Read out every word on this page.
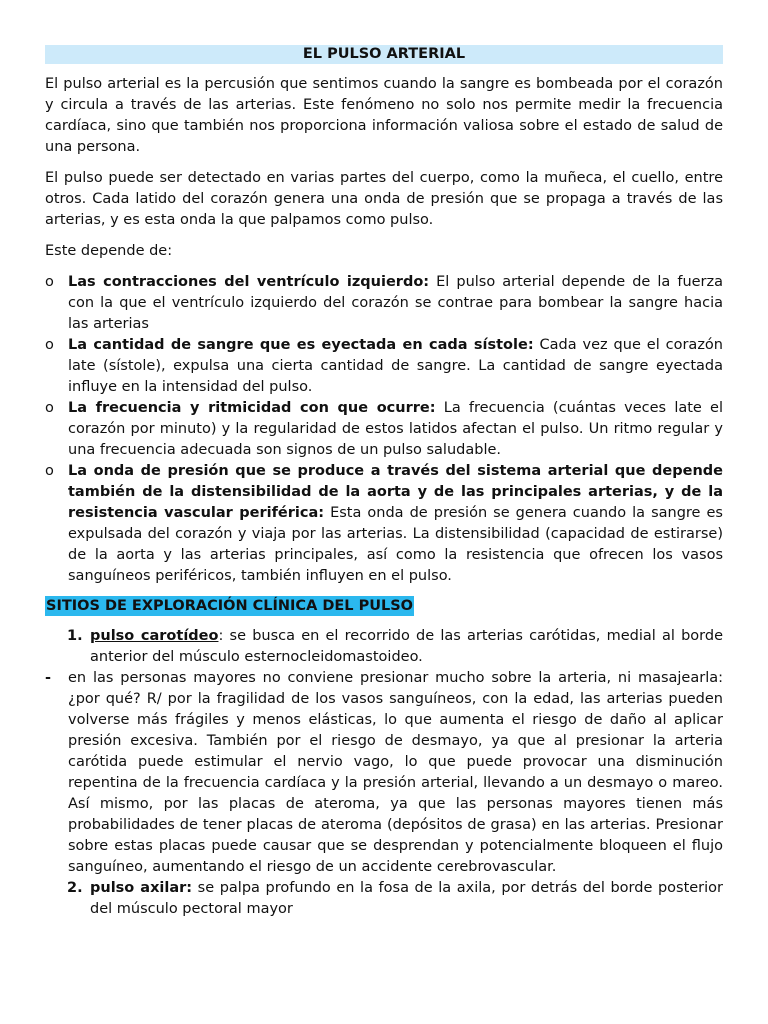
EL PULSO ARTERIAL

El pulso arterial es la percusión que sentimos cuando la sangre es bombeada por el corazón y circula a través de las arterias. Este fenómeno no solo nos permite medir la frecuencia cardíaca, sino que también nos proporciona información valiosa sobre el estado de salud de una persona.

El pulso puede ser detectado en varias partes del cuerpo, como la muñeca, el cuello, entre otros. Cada latido del corazón genera una onda de presión que se propaga a través de las arterias, y es esta onda la que palpamos como pulso.

Este depende de:

o Las contracciones del ventrículo izquierdo: El pulso arterial depende de la fuerza con la que el ventrículo izquierdo del corazón se contrae para bombear la sangre hacia las arterias
o La cantidad de sangre que es eyectada en cada sístole: Cada vez que el corazón late (sístole), expulsa una cierta cantidad de sangre. La cantidad de sangre eyectada influye en la intensidad del pulso.
o La frecuencia y ritmicidad con que ocurre: La frecuencia (cuántas veces late el corazón por minuto) y la regularidad de estos latidos afectan el pulso. Un ritmo regular y una frecuencia adecuada son signos de un pulso saludable.
o La onda de presión que se produce a través del sistema arterial que depende también de la distensibilidad de la aorta y de las principales arterias, y de la resistencia vascular periférica: Esta onda de presión se genera cuando la sangre es expulsada del corazón y viaja por las arterias. La distensibilidad (capacidad de estirarse) de la aorta y las arterias principales, así como la resistencia que ofrecen los vasos sanguíneos periféricos, también influyen en el pulso.
SITIOS DE EXPLORACIÓN CLÍNICA DEL PULSO
1. pulso carotídeo: se busca en el recorrido de las arterias carótidas, medial al borde anterior del músculo esternocleidomastoideo.
- en las personas mayores no conviene presionar mucho sobre la arteria, ni masajearla: ¿por qué? R/ por la fragilidad de los vasos sanguíneos, con la edad, las arterias pueden volverse más frágiles y menos elásticas, lo que aumenta el riesgo de daño al aplicar presión excesiva. También por el riesgo de desmayo, ya que al presionar la arteria carótida puede estimular el nervio vago, lo que puede provocar una disminución repentina de la frecuencia cardíaca y la presión arterial, llevando a un desmayo o mareo. Así mismo, por las placas de ateroma, ya que las personas mayores tienen más probabilidades de tener placas de ateroma (depósitos de grasa) en las arterias. Presionar sobre estas placas puede causar que se desprendan y potencialmente bloqueen el flujo sanguíneo, aumentando el riesgo de un accidente cerebrovascular.
2. pulso axilar: se palpa profundo en la fosa de la axila, por detrás del borde posterior del músculo pectoral mayor
